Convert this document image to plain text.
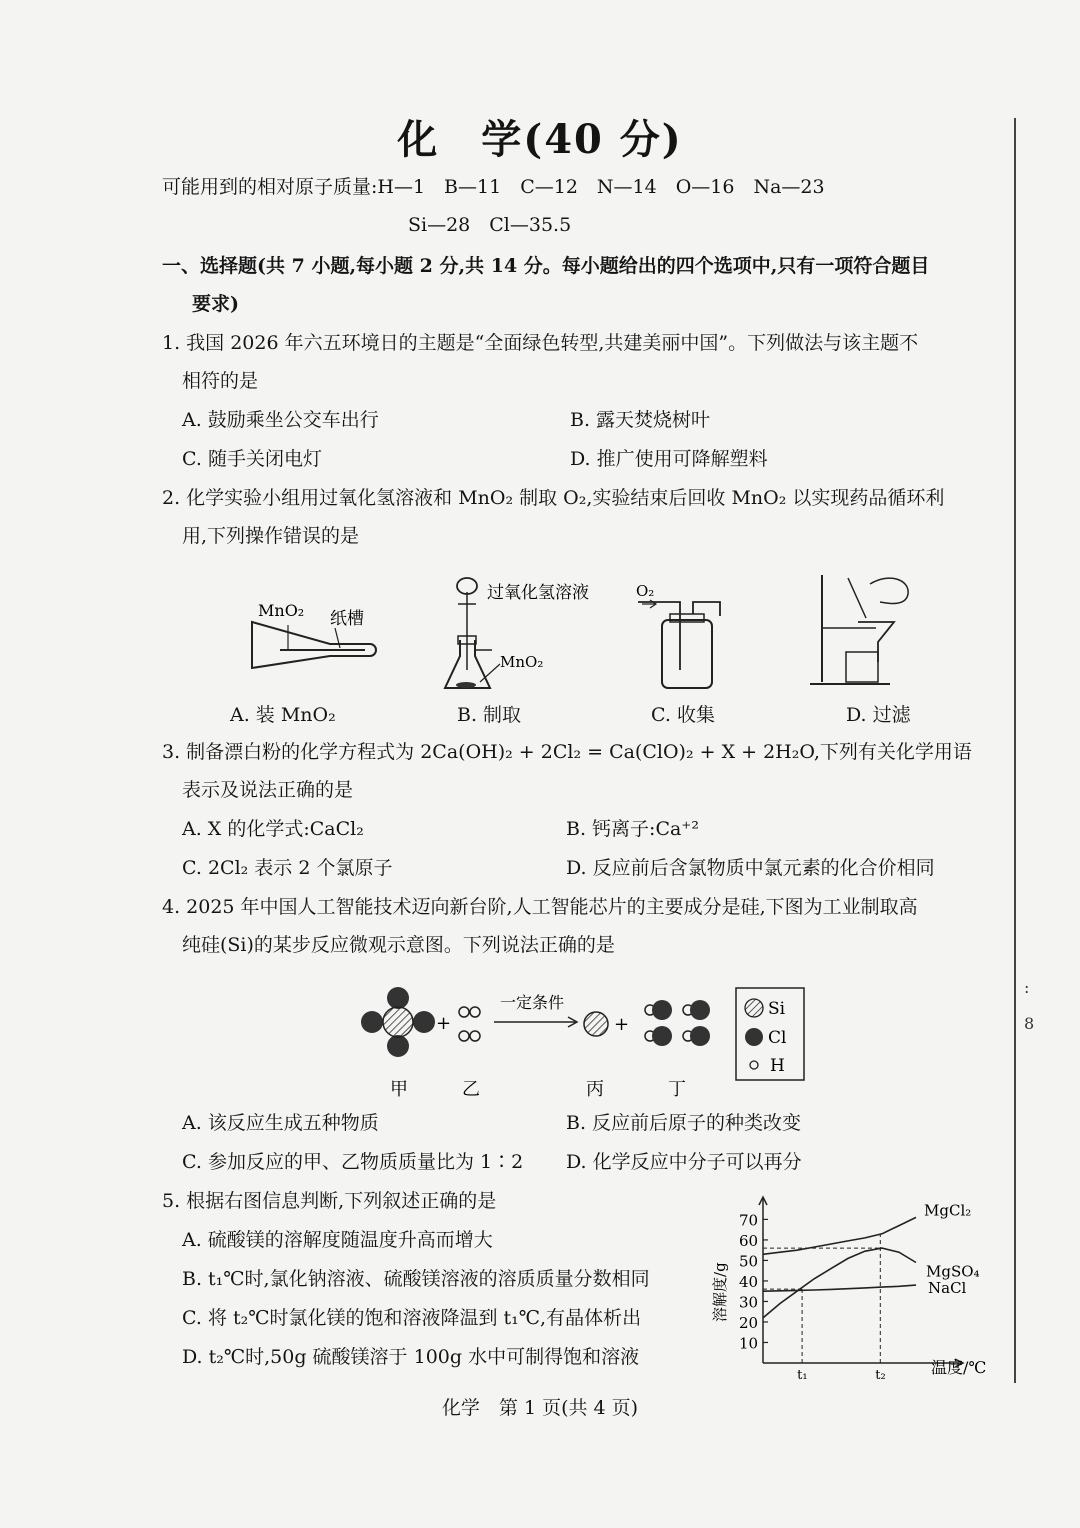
:
8
化　学(40 分)
可能用到的相对原子质量:H—1　B—11　C—12　N—14　O—16　Na—23
Si—28　Cl—35.5
一、选择题(共 7 小题,每小题 2 分,共 14 分。每小题给出的四个选项中,只有一项符合题目
要求)
1. 我国 2026 年六五环境日的主题是“全面绿色转型,共建美丽中国”。下列做法与该主题不
相符的是
A. 鼓励乘坐公交车出行	B. 露天焚烧树叶
C. 随手关闭电灯	D. 推广使用可降解塑料
2. 化学实验小组用过氧化氢溶液和 MnO₂ 制取 O₂,实验结束后回收 MnO₂ 以实现药品循环利
用,下列操作错误的是
MnO₂ 纸槽
过氧化氢溶液
MnO₂
O₂
A. 装 MnO₂	B. 制取	C. 收集	D. 过滤
3. 制备漂白粉的化学方程式为 2Ca(OH)₂ + 2Cl₂ = Ca(ClO)₂ + X + 2H₂O,下列有关化学用语
表示及说法正确的是
A. X 的化学式:CaCl₂	B. 钙离子:Ca⁺²
C. 2Cl₂ 表示 2 个氯原子	D. 反应前后含氯物质中氯元素的化合价相同
4. 2025 年中国人工智能技术迈向新台阶,人工智能芯片的主要成分是硅,下图为工业制取高
纯硅(Si)的某步反应微观示意图。下列说法正确的是
+
一定条件
+
甲	乙	丙	丁
Si
Cl
H
A. 该反应生成五种物质	B. 反应前后原子的种类改变
C. 参加反应的甲、乙物质质量比为 1∶2 D. 化学反应中分子可以再分
5. 根据右图信息判断,下列叙述正确的是
A. 硫酸镁的溶解度随温度升高而增大
B. t₁℃时,氯化钠溶液、硫酸镁溶液的溶质质量分数相同
C. 将 t₂℃时氯化镁的饱和溶液降温到 t₁℃,有晶体析出
D. t₂℃时,50g 硫酸镁溶于 100g 水中可制得饱和溶液
10
20
30
40
50
60
70
溶解度/g
温度/℃
t₁	t₂
MgCl₂
MgSO₄
NaCl
化学　第 1 页(共 4 页)
